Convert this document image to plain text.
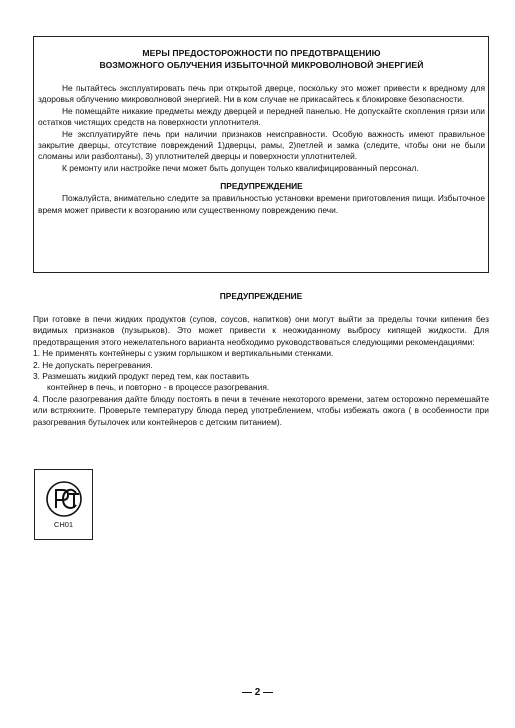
МЕРЫ ПРЕДОСТОРОЖНОСТИ ПО ПРЕДОТВРАЩЕНИЮ
ВОЗМОЖНОГО ОБЛУЧЕНИЯ ИЗБЫТОЧНОЙ МИКРОВОЛНОВОЙ ЭНЕРГИЕЙ

Не пытайтесь эксплуатировать печь при открытой дверце, поскольку это может привести к вредному для здоровья облучению микроволновой энергией. Ни в ком случае не прикасайтесь к блокировке безопасности.

Не помещайте никакие предметы между дверцей и передней панелью. Не допускайте скопления грязи или остатков чистящих средств на поверхности уплотнителя.

Не эксплуатируйте печь при наличии признаков неисправности. Особую важность имеют правильное закрытие дверцы, отсутствие повреждений 1)дверцы, рамы, 2)петлей и замка (следите, чтобы они не были сломаны или разболтаны), 3) уплотнителей дверцы и поверхности уплотнителей.

К ремонту или настройке печи может быть допущен только квалифицированный персонал.

ПРЕДУПРЕЖДЕНИЕ

Пожалуйста, внимательно следите за правильностью установки времени приготовления пищи. Избыточное время может привести к возгоранию или существенному повреждению печи.

ПРЕДУПРЕЖДЕНИЕ

При готовке в печи жидких продуктов (супов, соусов, напитков) они могут выйти за пределы точки кипения без видимых признаков (пузырьков). Это может привести к неожиданному выбросу кипящей жидкости. Для предотвращения этого нежелательного варианта необходимо руководствоваться следующими рекомендациями:

1. Не применять контейнеры с узким горлышком и вертикальными стенками.
2. Не допускать перегревания.
3. Размешать жидкий продукт перед тем, как поставить
контейнер в печь, и повторно - в процессе разогревания.

4. После разогревания дайте блюду постоять в печи в течение некоторого времени, затем осторожно перемешайте или встряхните. Проверьте температуру блюда перед употреблением, чтобы избежать ожога ( в особенности при разогревания бутылочек или контейнеров с детским питанием).

CH01
— 2 —
